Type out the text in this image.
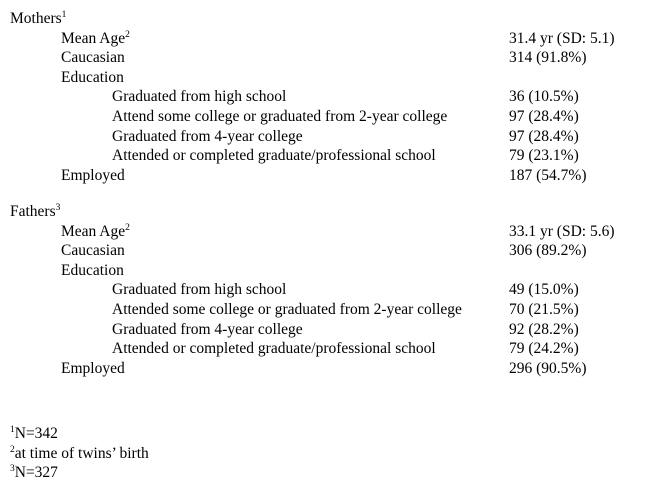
Mothers$^1$
Mean Age$^2$	31.4 yr (SD: 5.1)
Caucasian	314 (91.8%)
Education
Graduated from high school	36 (10.5%)
Attend some college or graduated from 2-year college	97 (28.4%)
Graduated from 4-year college	97 (28.4%)
Attended or completed graduate/professional school	79 (23.1%)
Employed	187 (54.7%)
Fathers$^3$
Mean Age$^2$	33.1 yr (SD: 5.6)
Caucasian	306 (89.2%)
Education
Graduated from high school	49 (15.0%)
Attended some college or graduated from 2-year college	70 (21.5%)
Graduated from 4-year college	92 (28.2%)
Attended or completed graduate/professional school	79 (24.2%)
Employed	296 (90.5%)
$^1$N=342
$^2$at time of twins’ birth
$^3$N=327
